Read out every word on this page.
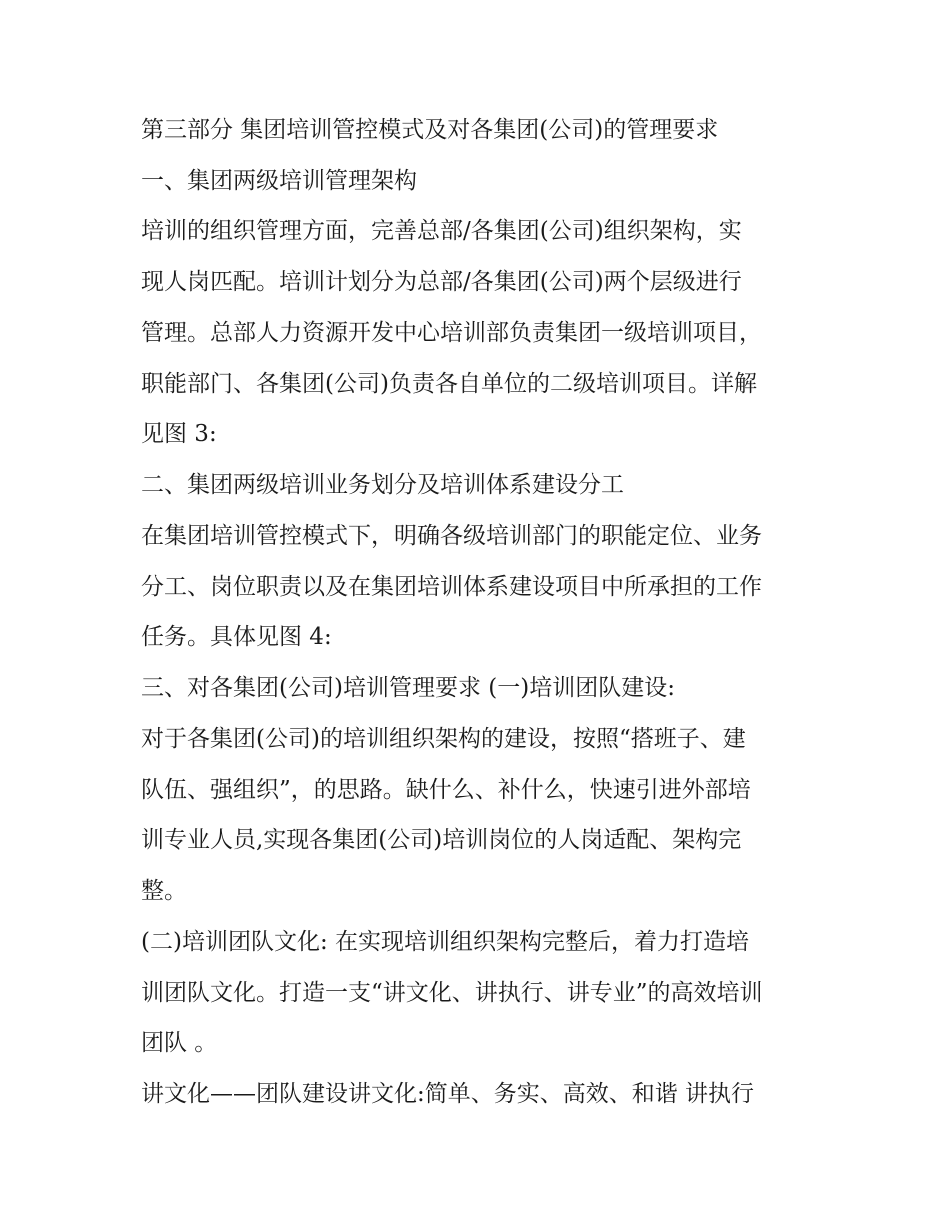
第三部分 集团培训管控模式及对各集团(公司)的管理要求
一、集团两级培训管理架构
培训的组织管理方面，完善总部/各集团(公司)组织架构，实
现人岗匹配。培训计划分为总部/各集团(公司)两个层级进行
管理。总部人力资源开发中心培训部负责集团一级培训项目，
职能部门、各集团(公司)负责各自单位的二级培训项目。详解
见图 3:
二、集团两级培训业务划分及培训体系建设分工
在集团培训管控模式下，明确各级培训部门的职能定位、业务
分工、岗位职责以及在集团培训体系建设项目中所承担的工作
任务。具体见图 4:
三、对各集团(公司)培训管理要求 (一)培训团队建设:
对于各集团(公司)的培训组织架构的建设，按照“搭班子、建
队伍、强组织”，的思路。缺什么、补什么，快速引进外部培
训专业人员,实现各集团(公司)培训岗位的人岗适配、架构完
整。
(二)培训团队文化: 在实现培训组织架构完整后，着力打造培
训团队文化。打造一支“讲文化、讲执行、讲专业”的高效培训
团队 。
讲文化——团队建设讲文化:简单、务实、高效、和谐 讲执行
